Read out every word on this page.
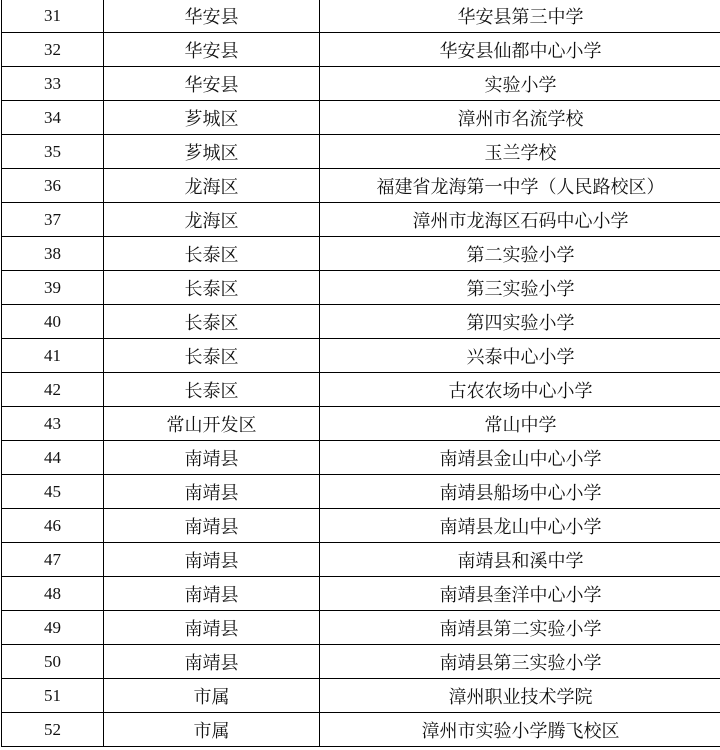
31	华安县	华安县第三中学
32	华安县	华安县仙都中心小学
33	华安县	实验小学
34	芗城区	漳州市名流学校
35	芗城区	玉兰学校
36	龙海区	福建省龙海第一中学（人民路校区）
37	龙海区	漳州市龙海区石码中心小学
38	长泰区	第二实验小学
39	长泰区	第三实验小学
40	长泰区	第四实验小学
41	长泰区	兴泰中心小学
42	长泰区	古农农场中心小学
43	常山开发区	常山中学
44	南靖县	南靖县金山中心小学
45	南靖县	南靖县船场中心小学
46	南靖县	南靖县龙山中心小学
47	南靖县	南靖县和溪中学
48	南靖县	南靖县奎洋中心小学
49	南靖县	南靖县第二实验小学
50	南靖县	南靖县第三实验小学
51	市属	漳州职业技术学院
52	市属	漳州市实验小学腾飞校区
